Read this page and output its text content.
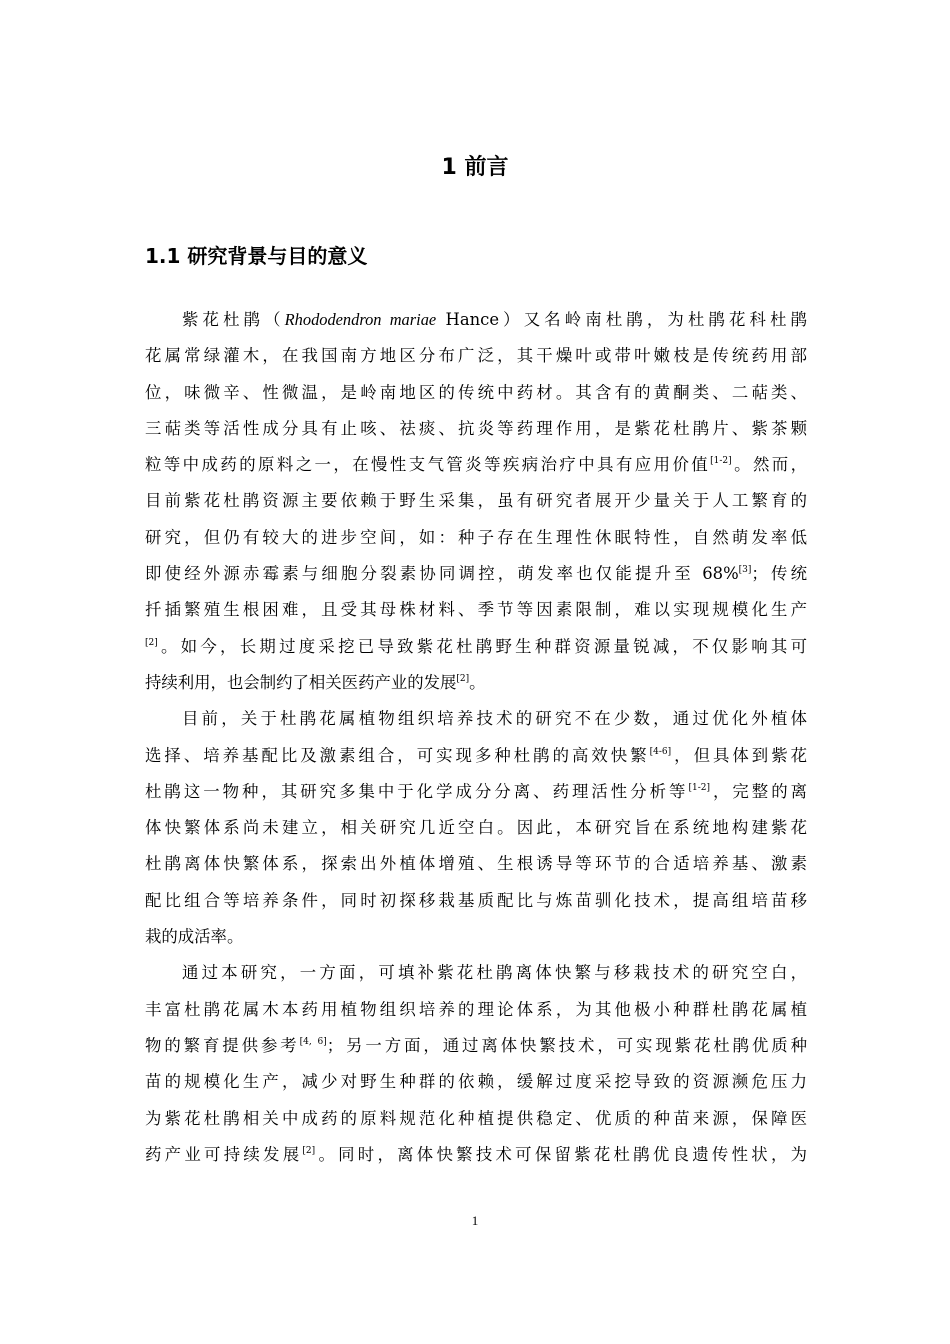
1 前言
1.1 研究背景与目的意义

紫花杜鹃（Rhododendron mariae Hance）又名岭南杜鹃，为杜鹃花科杜鹃
花属常绿灌木，在我国南方地区分布广泛，其干燥叶或带叶嫩枝是传统药用部
位，味微辛、性微温，是岭南地区的传统中药材。其含有的黄酮类、二萜类、
三萜类等活性成分具有止咳、祛痰、抗炎等药理作用，是紫花杜鹃片、紫茶颗
粒等中成药的原料之一，在慢性支气管炎等疾病治疗中具有应用价值[1-2]。然而，
目前紫花杜鹃资源主要依赖于野生采集，虽有研究者展开少量关于人工繁育的
研究，但仍有较大的进步空间，如：种子存在生理性休眠特性，自然萌发率低
即使经外源赤霉素与细胞分裂素协同调控，萌发率也仅能提升至 68%[3]；传统
扦插繁殖生根困难，且受其母株材料、季节等因素限制，难以实现规模化生产
[2]。如今，长期过度采挖已导致紫花杜鹃野生种群资源量锐减，不仅影响其可
持续利用，也会制约了相关医药产业的发展[2]。

目前，关于杜鹃花属植物组织培养技术的研究不在少数，通过优化外植体
选择、培养基配比及激素组合，可实现多种杜鹃的高效快繁[4-6]，但具体到紫花
杜鹃这一物种，其研究多集中于化学成分分离、药理活性分析等[1-2]，完整的离
体快繁体系尚未建立，相关研究几近空白。因此，本研究旨在系统地构建紫花
杜鹃离体快繁体系，探索出外植体增殖、生根诱导等环节的合适培养基、激素
配比组合等培养条件，同时初探移栽基质配比与炼苗驯化技术，提高组培苗移
栽的成活率。

通过本研究，一方面，可填补紫花杜鹃离体快繁与移栽技术的研究空白，
丰富杜鹃花属木本药用植物组织培养的理论体系，为其他极小种群杜鹃花属植
物的繁育提供参考[4, 6]；另一方面，通过离体快繁技术，可实现紫花杜鹃优质种
苗的规模化生产，减少对野生种群的依赖，缓解过度采挖导致的资源濒危压力
为紫花杜鹃相关中成药的原料规范化种植提供稳定、优质的种苗来源，保障医
药产业可持续发展[2]。同时，离体快繁技术可保留紫花杜鹃优良遗传性状，为

1
